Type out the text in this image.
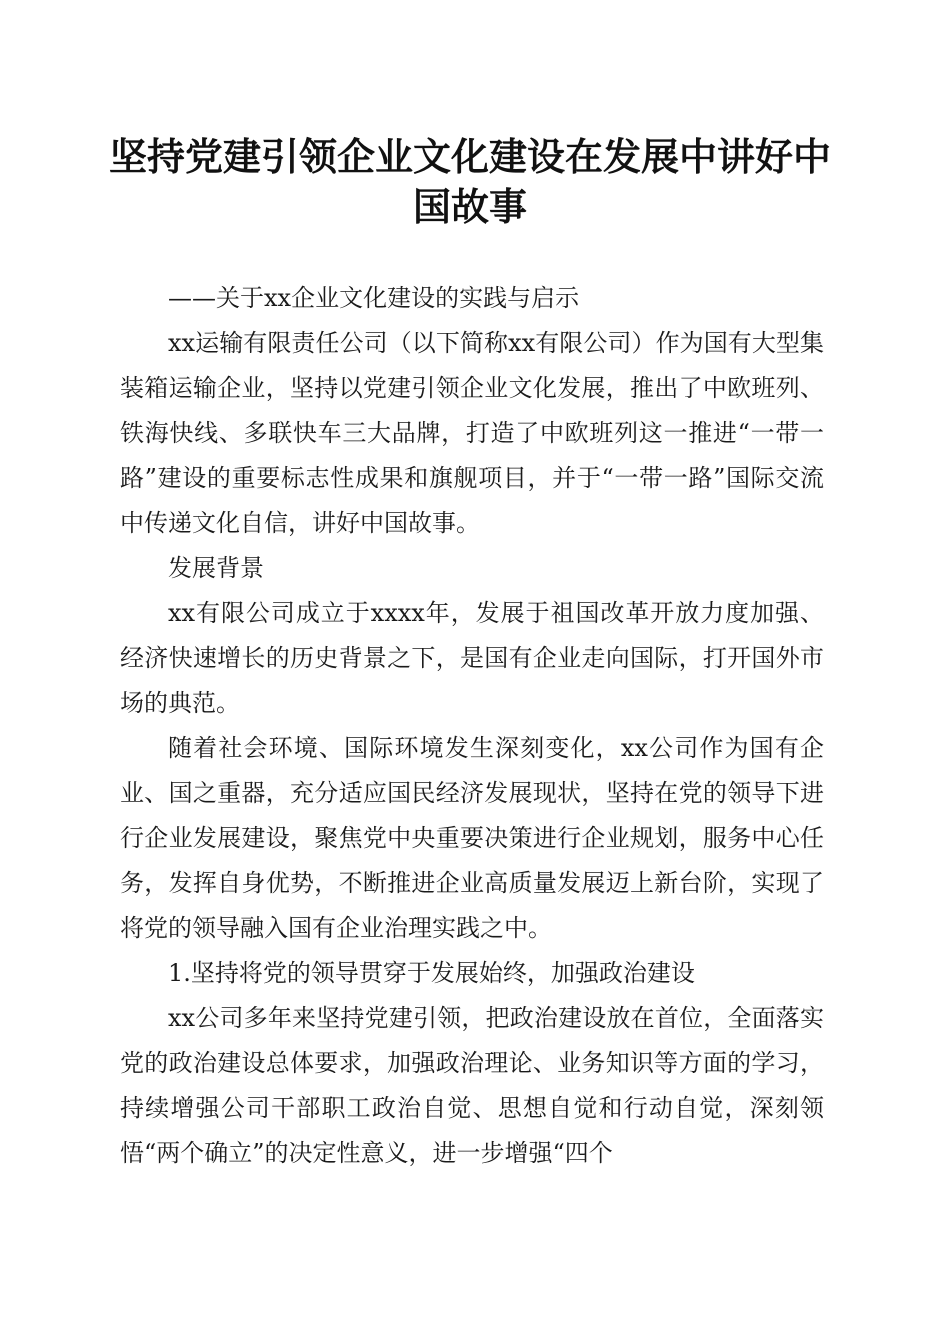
坚持党建引领企业文化建设在发展中讲好中国故事

——关于xx企业文化建设的实践与启示

xx运输有限责任公司（以下简称xx有限公司）作为国有大型集装箱运输企业，坚持以党建引领企业文化发展，推出了中欧班列、铁海快线、多联快车三大品牌，打造了中欧班列这一推进“一带一路”建设的重要标志性成果和旗舰项目，并于“一带一路”国际交流中传递文化自信，讲好中国故事。

发展背景

xx有限公司成立于xxxx年，发展于祖国改革开放力度加强、经济快速增长的历史背景之下，是国有企业走向国际，打开国外市场的典范。

随着社会环境、国际环境发生深刻变化，xx公司作为国有企业、国之重器，充分适应国民经济发展现状，坚持在党的领导下进行企业发展建设，聚焦党中央重要决策进行企业规划，服务中心任务，发挥自身优势，不断推进企业高质量发展迈上新台阶，实现了将党的领导融入国有企业治理实践之中。

1.坚持将党的领导贯穿于发展始终，加强政治建设

xx公司多年来坚持党建引领，把政治建设放在首位，全面落实党的政治建设总体要求，加强政治理论、业务知识等方面的学习，持续增强公司干部职工政治自觉、思想自觉和行动自觉，深刻领悟“两个确立”的决定性意义，进一步增强“四个
